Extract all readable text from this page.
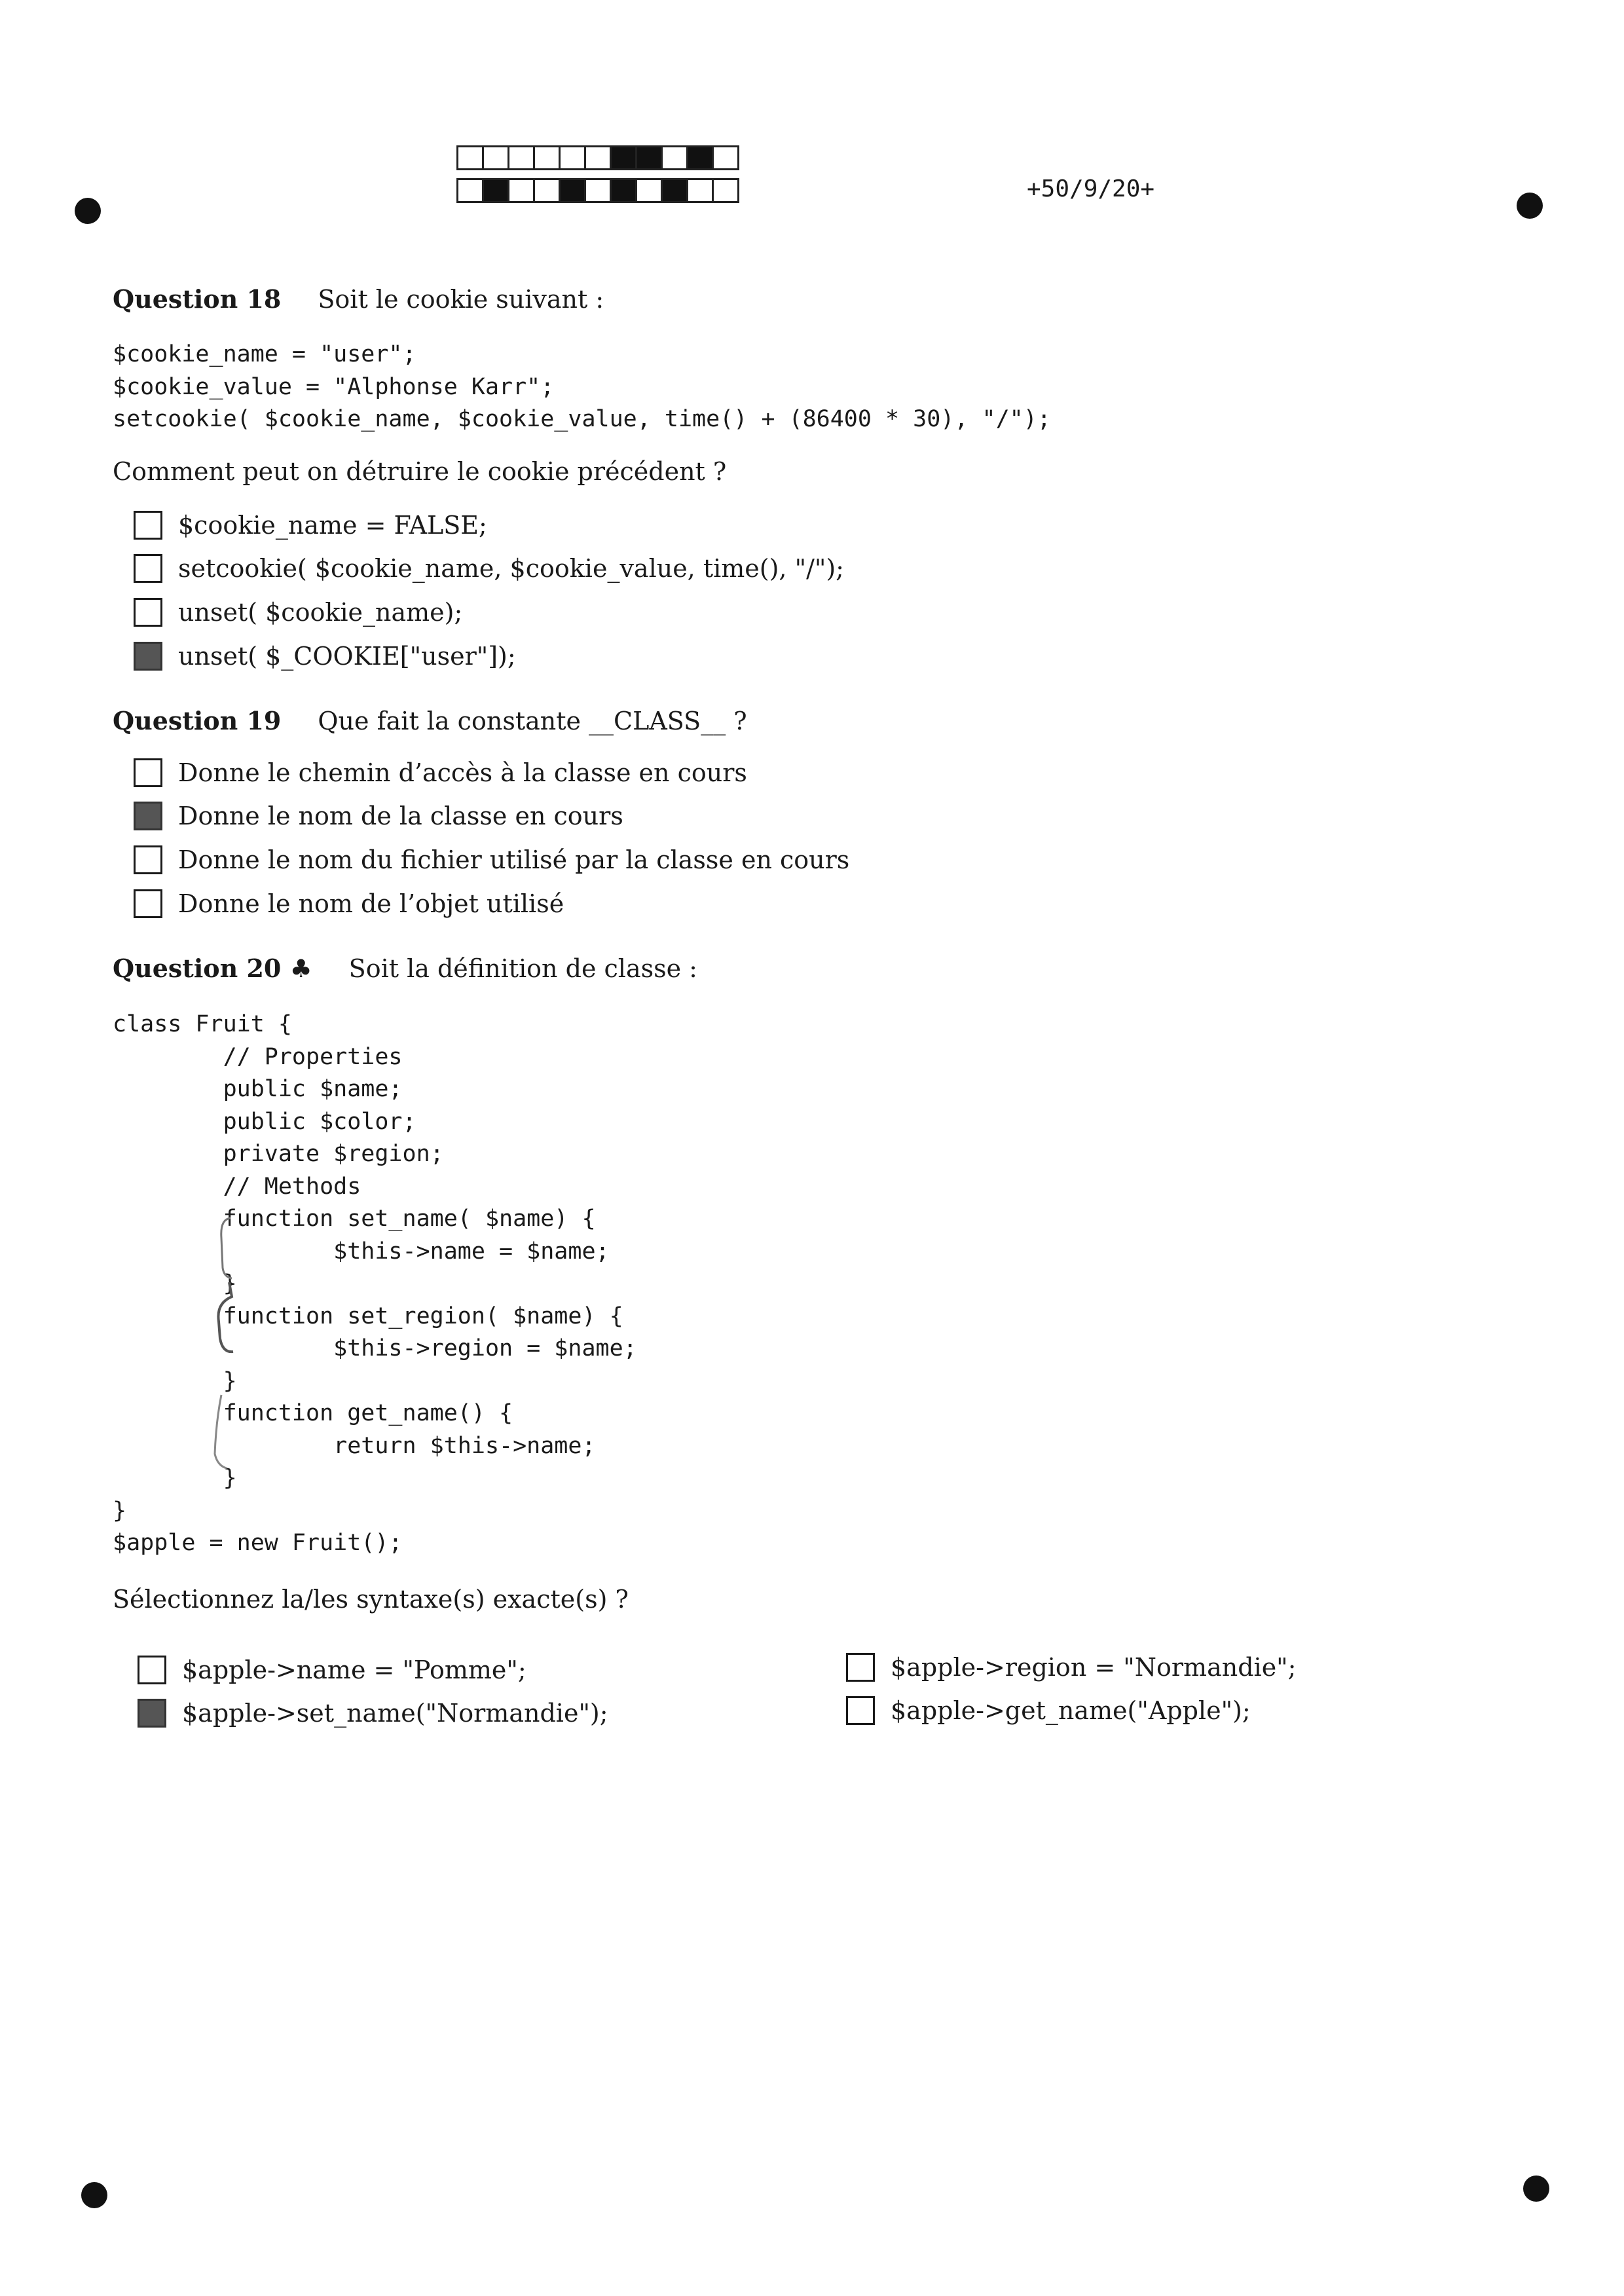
+50/9/20+
Question 18 Soit le cookie suivant :
$cookie_name = "user";
$cookie_value = "Alphonse Karr";
setcookie( $cookie_name, $cookie_value, time() + (86400 * 30), "/");
Comment peut on détruire le cookie précédent ?
$cookie_name = FALSE;
setcookie( $cookie_name, $cookie_value, time(), "/");
unset( $cookie_name);
unset( $_COOKIE["user"]);
Question 19 Que fait la constante __CLASS__ ?
Donne le chemin d’accès à la classe en cours
Donne le nom de la classe en cours
Donne le nom du fichier utilisé par la classe en cours
Donne le nom de l’objet utilisé
Question 20 ♣ Soit la définition de classe :
class Fruit {
// Properties
public $name;
public $color;
private $region;
// Methods
function set_name( $name) {
$this->name = $name;
}
function set_region( $name) {
$this->region = $name;
}
function get_name() {
return $this->name;
}
}
$apple = new Fruit();
Sélectionnez la/les syntaxe(s) exacte(s) ?
$apple->name = "Pomme";
$apple->set_name("Normandie");
$apple->region = "Normandie";
$apple->get_name("Apple");
